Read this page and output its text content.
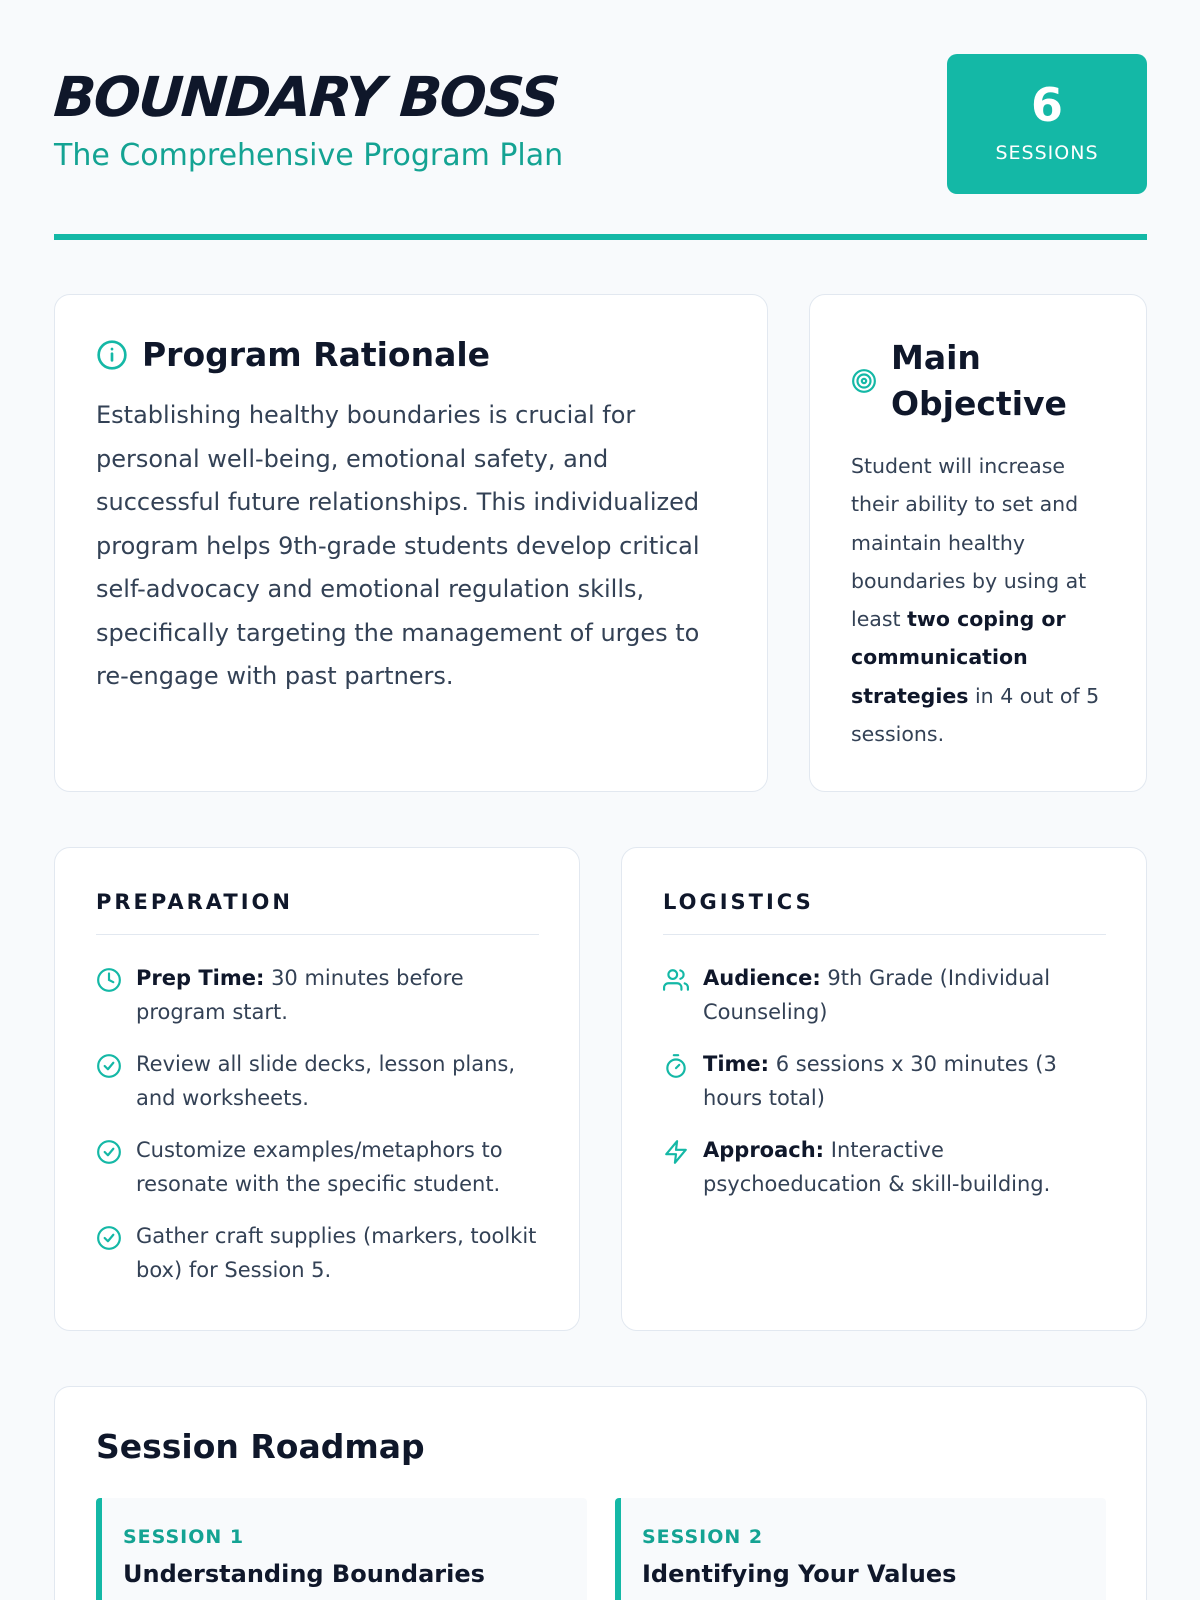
BOUNDARY BOSS
The Comprehensive Program Plan
6
SESSIONS
Program Rationale

Establishing healthy boundaries is crucial for personal well-being, emotional safety, and successful future relationships. This individualized program helps 9th-grade students develop critical self-advocacy and emotional regulation skills, specifically targeting the management of urges to re-engage with past partners.

Main Objective

Student will increase their ability to set and maintain healthy boundaries by using at least two coping or communication strategies in 4 out of 5 sessions.

PREPARATION
Prep Time: 30 minutes before program start.
Review all slide decks, lesson plans, and worksheets.
Customize examples/metaphors to resonate with the specific student.
Gather craft supplies (markers, toolkit box) for Session 5.
LOGISTICS
Audience: 9th Grade (Individual Counseling)
Time: 6 sessions x 30 minutes (3 hours total)
Approach: Interactive psychoeducation & skill-building.
Session Roadmap
SESSION 1
Understanding Boundaries
SESSION 2
Identifying Your Values
